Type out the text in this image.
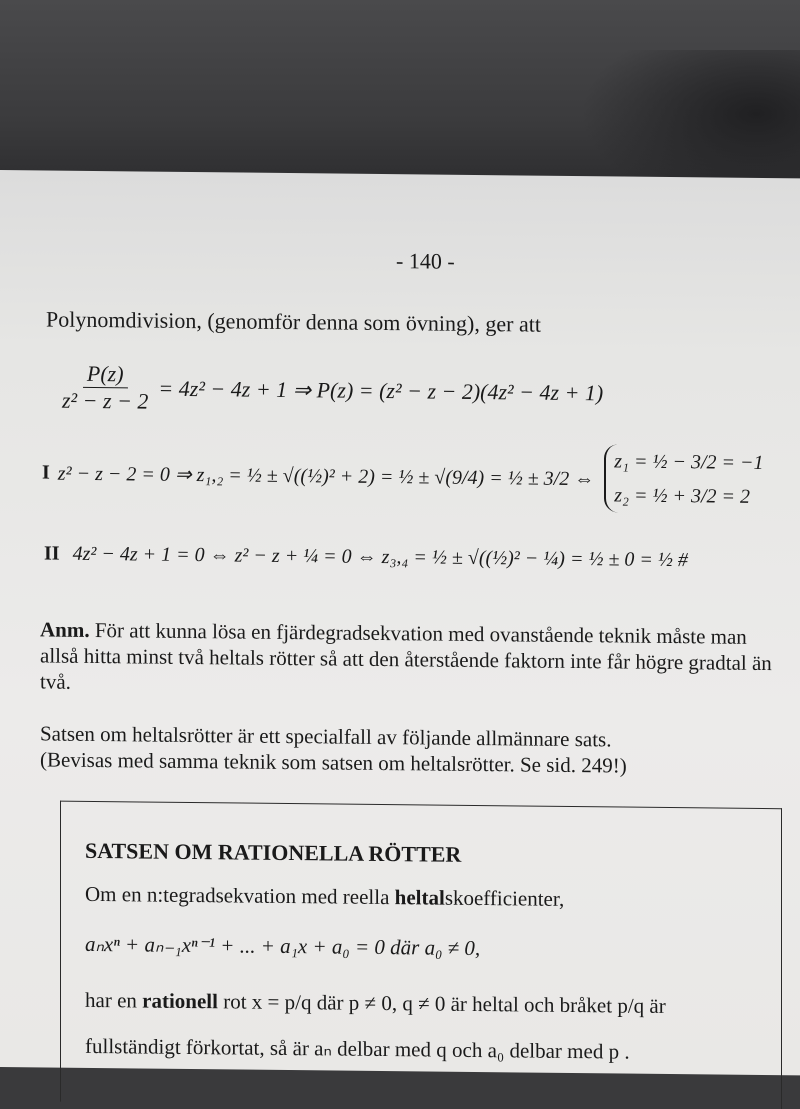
- 140 -
Polynomdivision, (genomför denna som övning), ger att
$\frac{P(z)}{\text{z² − z − 2}} = 4z^2 - 4z + 1$ ⇒ P(z) = (z² − z − 2)(4z² − 4z + 1)
I z² − z − 2 = 0 ⇒ z₁,₂ = ½ ± √((½)² + 2) = ½ ± √(9/4) = ½ ± 3/2 ⇔ z₁ = ½ − 3/2 = −1
z₂ = ½ + 3/2 = 2
II 4z² − 4z + 1 = 0 ⇔ z² − z + ¼ = 0 ⇔ z₃,₄ = ½ ± √((½)² − ¼) = ½ ± 0 = ½ #
Anm. För att kunna lösa en fjärdegradsekvation med ovanstående teknik måste man allså hitta minst två heltals rötter så att den återstående faktorn inte får högre gradtal än två.
Satsen om heltalsrötter är ett specialfall av följande allmännare sats.
(Bevisas med samma teknik som satsen om heltalsrötter. Se sid. 249!)
SATSEN OM RATIONELLA RÖTTER
Om en n:tegradsekvation med reella heltalskoefficienter,
aₙxⁿ + aₙ₋₁xⁿ⁻¹ + ... + a₁x + a₀ = 0 där a₀ ≠ 0,
har en rationell rot x = p/q där p ≠ 0, q ≠ 0 är heltal och bråket p/q är
fullständigt förkortat, så är aₙ delbar med q och a₀ delbar med p .
